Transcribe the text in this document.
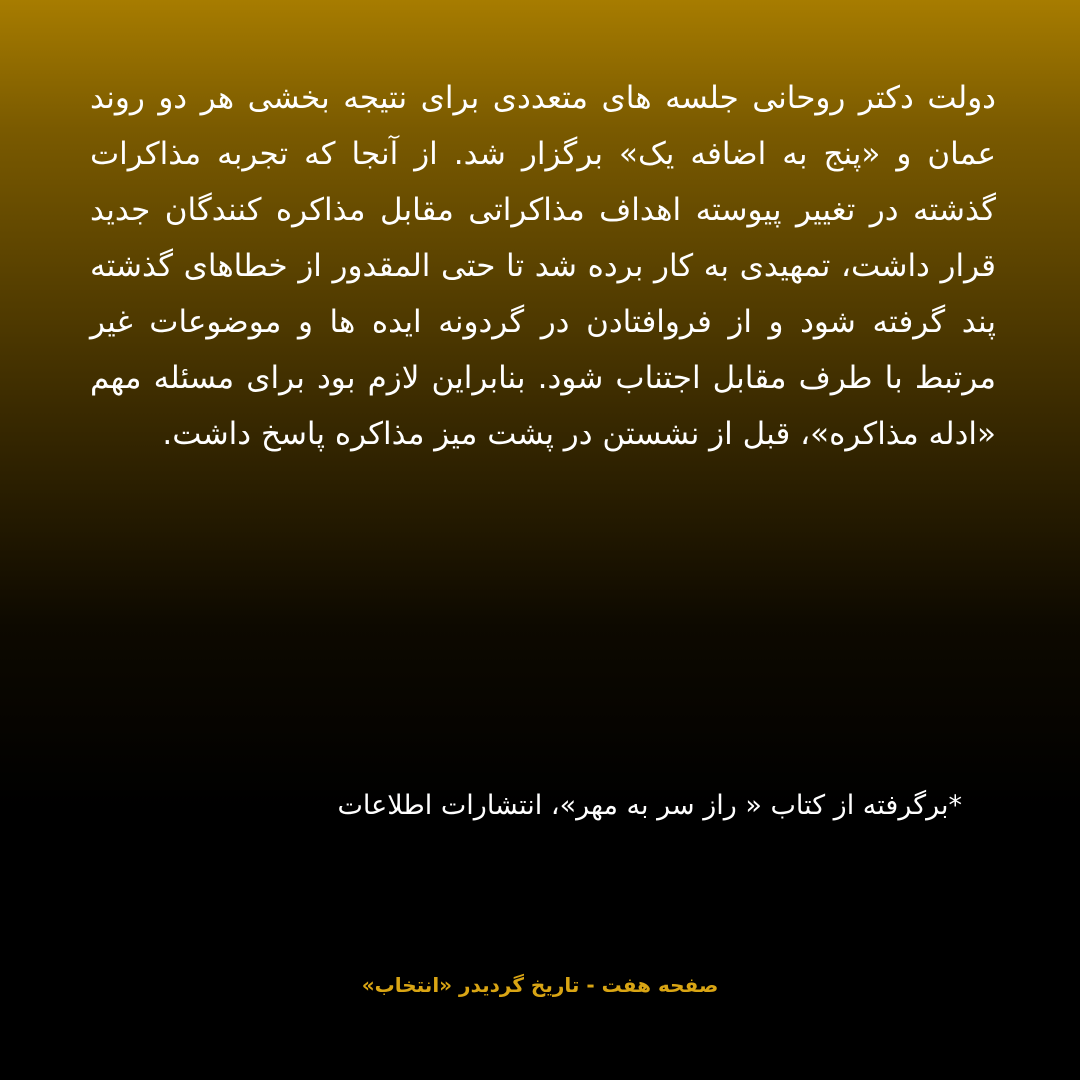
دولت دکتر روحانی جلسه های متعددی برای نتیجه بخشی هر دو روند عمان و «پنج به اضافه یک» برگزار شد. از آنجا که تجربه مذاکرات گذشته در تغییر پیوسته اهداف مذاکراتی مقابل مذاکره کنندگان جدید قرار داشت، تمهیدی به کار برده شد تا حتی المقدور از خطاهای گذشته پند گرفته شود و از فروافتادن در گردونه ایده ها و موضوعات غیر مرتبط با طرف مقابل اجتناب شود. بنابراین لازم بود برای مسئله مهم «ادله مذاکره»، قبل از نشستن در پشت میز مذاکره پاسخ داشت.

*برگرفته از کتاب « راز سر به مهر»، انتشارات اطلاعات

صفحه هفت - تاریخ گردیدر «انتخاب»
